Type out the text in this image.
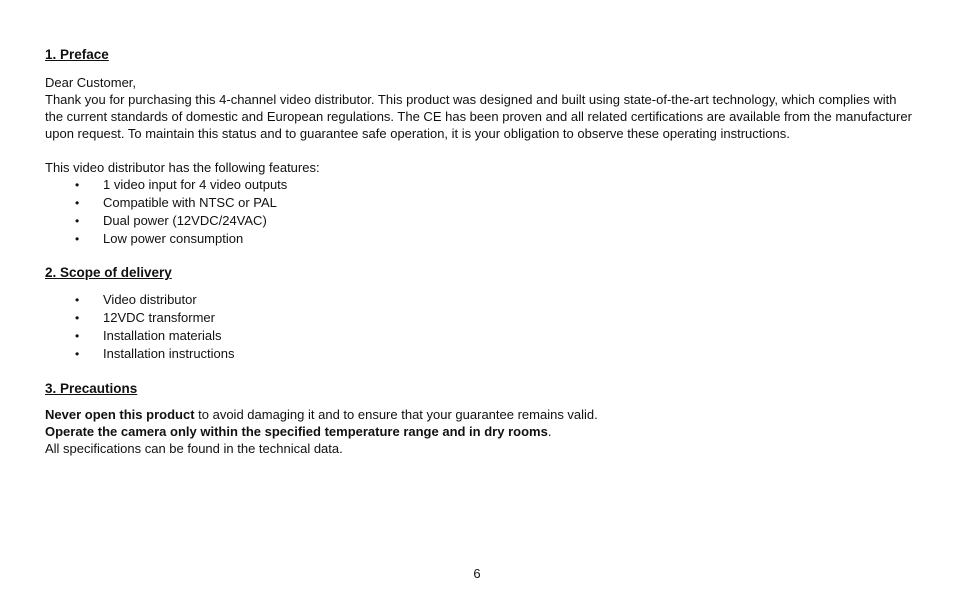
1. Preface

Dear Customer,

Thank you for purchasing this 4-channel video distributor. This product was designed and built using state-of-the-art technology, which complies with the current standards of domestic and European regulations. The CE has been proven and all related certifications are available from the manufacturer upon request. To maintain this status and to guarantee safe operation, it is your obligation to observe these operating instructions.

This video distributor has the following features:

• 1 video input for 4 video outputs
• Compatible with NTSC or PAL
• Dual power (12VDC/24VAC)
• Low power consumption
2. Scope of delivery
• Video distributor
• 12VDC transformer
• Installation materials
• Installation instructions
3. Precautions

Never open this product to avoid damaging it and to ensure that your guarantee remains valid.

Operate the camera only within the specified temperature range and in dry rooms.

All specifications can be found in the technical data.

6
